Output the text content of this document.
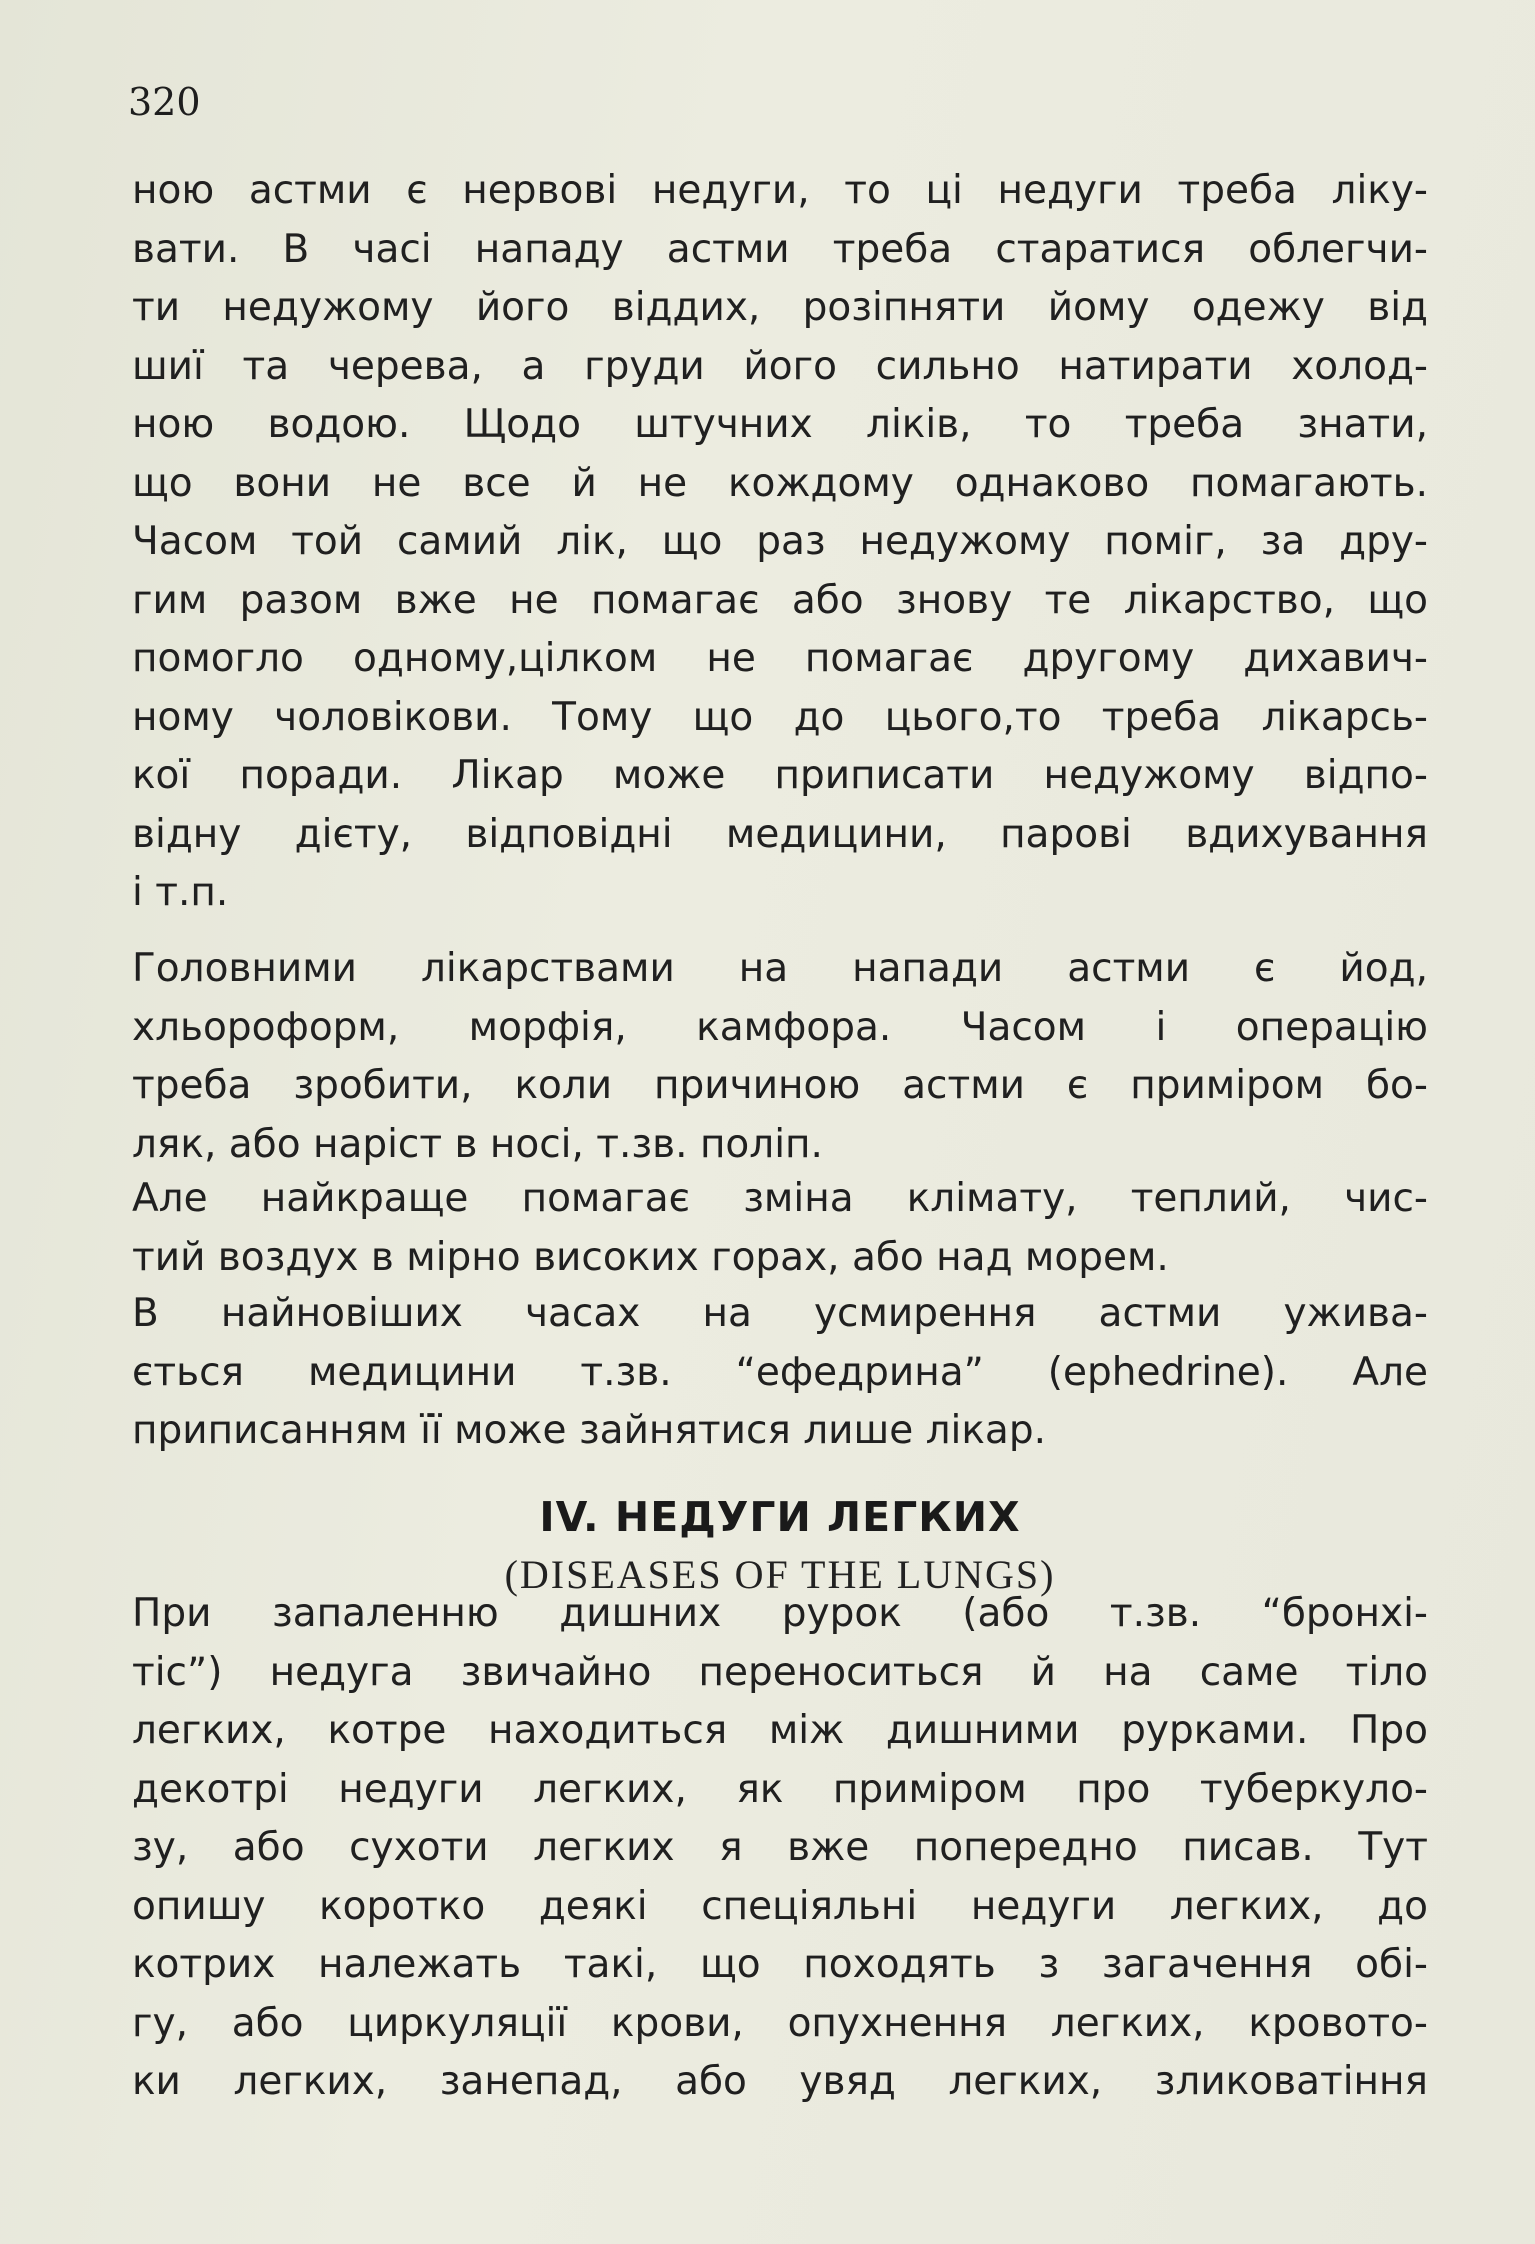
320
ною астми є нервові недуги, то ці недуги треба ліку-
вати. В часі нападу астми треба старатися облегчи-
ти недужому його віддих, розіпняти йому одежу від
шиї та черева, а груди його сильно натирати холод-
ною водою. Щодо штучних ліків, то треба знати,
що вони не все й не кождому однаково помагають.
Часом той самий лік, що раз недужому поміг, за дру-
гим разом вже не помагає або знову те лікарство, що
помогло одному,цілком не помагає другому дихавич-
ному чоловікови. Тому що до цього,то треба лікарсь-
кої поради. Лікар може приписати недужому відпо-
відну дієту, відповідні медицини, парові вдихування
і т.п.
Головними лікарствами на напади астми є йод,
хльороформ, морфія, камфора. Часом і операцію
треба зробити, коли причиною астми є приміром бо-
ляк, або наріст в носі, т.зв. поліп.
Але найкраще помагає зміна клімату, теплий, чис-
тий воздух в мірно високих горах, або над морем.
В найновіших часах на усмирення астми ужива-
ється медицини т.зв. “ефедрина” (ephedrine). Але
приписанням її може зайнятися лише лікар.
IV. НЕДУГИ ЛЕГКИХ
(DISEASES OF THE LUNGS)
При запаленню дишних рурок (або т.зв. “бронхі-
тіс”) недуга звичайно переноситься й на саме тіло
легких, котре находиться між дишними рурками. Про
декотрі недуги легких, як приміром про туберкуло-
зу, або сухоти легких я вже попередно писав. Тут
опишу коротко деякі спеціяльні недуги легких, до
котрих належать такі, що походять з загачення обі-
гу, або циркуляції крови, опухнення легких, кровото-
ки легких, занепад, або увяд легких, зликоватіння
